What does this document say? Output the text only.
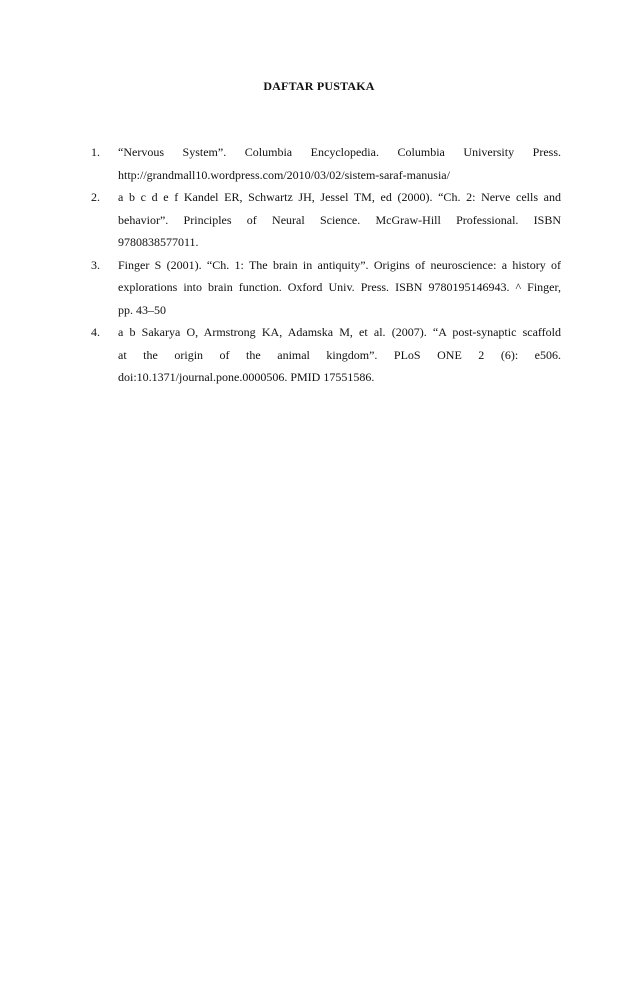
DAFTAR PUSTAKA
1. “Nervous System”. Columbia Encyclopedia. Columbia University Press.
http://grandmall10.wordpress.com/2010/03/02/sistem-saraf-manusia/
2. a b c d e f Kandel ER, Schwartz JH, Jessel TM, ed (2000). “Ch. 2: Nerve cells and
behavior”. Principles of Neural Science. McGraw-Hill Professional. ISBN
9780838577011.
3. Finger S (2001). “Ch. 1: The brain in antiquity”. Origins of neuroscience: a history of
explorations into brain function. Oxford Univ. Press. ISBN 9780195146943. ^ Finger,
pp. 43–50
4. a b Sakarya O, Armstrong KA, Adamska M, et al. (2007). “A post-synaptic scaffold
at the origin of the animal kingdom”. PLoS ONE 2 (6): e506.
doi:10.1371/journal.pone.0000506. PMID 17551586.
